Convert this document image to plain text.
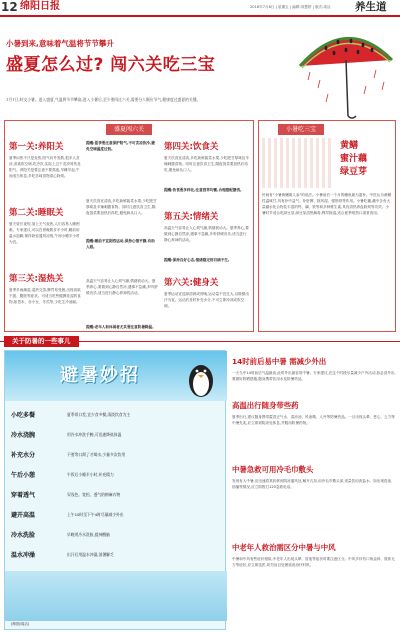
12 绵阳日报	2016年7月8日 | 星期五 | 编辑:刘慧婷 | 版式:周洁 养生道
小暑到来,意味着气温将节节攀升
盛夏怎么过? 闯六关吃三宝
7月7日,时交小暑。进入盛夏,气温将节节攀高,进入小暑后,至少要闯过六关,需要分人顺应节气,健康度过盛夏的关键。
盛夏闯六关
第一关:养阳关
夏季闷热不只是炎热,阳气向外发散,很多人贪凉,喜欢吹空调,吃冷饮,实际上过于贪凉易伤及阳气。养阳关是要注意不要熬夜,早睡早起,午间适当休息,多吃苦味食物清心除烦。
第二关:睡眠关
夏天昼长夜短,加上天气炎热,人们容易入睡困难。专家建议,可以在傍晚散步半小时,睡前用温水泡脚,保持卧室通风凉爽,午间小睡半小时为宜。
第三关:湿热关
夏季多雨潮湿,湿热交蒸,脾胃易受困,出现食欲不振、腹胀等症状。可适当吃些健脾祛湿的食物,如薏米、赤小豆、冬瓜等,少吃生冷油腻。
提醒:夏季要注意保护阳气,不可贪凉饮冷,避免空调温度过低。
夏天饮食宜清淡,多吃新鲜蔬菜水果,少吃肥甘厚味及辛辣刺激食物。同时注意饮食卫生,隔夜饭菜要加热后再吃,避免病从口入。
提醒:睡前不宜剧烈运动,保持心情平静,有助入眠。
高温天气容易让人心烦气躁,情绪波动大。夏季养心,要做到心静自然凉,遇事不急躁,多听舒缓音乐,适当进行静心养神的活动。
提醒:老年人和体弱者尤其要注意防暑降温。
第四关:饮食关
夏天饮食宜清淡,多吃新鲜蔬菜水果,少吃肥甘厚味及辛辣刺激食物。同时注意饮食卫生,隔夜饭菜要加热后再吃,避免病从口入。
提醒:饮食要多样化,注意营养均衡,合理搭配膳食。
第五关:情绪关
高温天气容易让人心烦气躁,情绪波动大。夏季养心,要做到心静自然凉,遇事不急躁,多听舒缓音乐,适当进行静心养神的活动。
提醒:保持良好心态,情绪稳定则百病不生。
第六关:健身关
夏季运动宜选择清晨或傍晚,运动量不宜过大,以微微出汗为宜。运动后及时补充水分,不可立即冲凉或吹空调。
小暑吃三宝
黄鳝
蜜汁藕
绿豆芽
民间有"小暑黄鳝赛人参"的说法。小暑前后一个月的鳝鱼最为滋补。中医认为黄鳝性温味甘,具有补中益气、补肝脾、除风湿、强筋骨等作用。小暑吃藕,藕中含有大量碳水化合物及丰富的钙、磷、铁等和多种维生素,具有清热养血除烦等功效。小暑时节适合吃绿豆芽,绿豆芽清热解毒,利尿除湿,适合夏季烦热口渴者食用。
关于防暑的一些事儿
避暑妙招
小吃多餐	夏季胃口差,宜少食多餐,清淡饮食为主
冷水浇腕	用冷水冲洗手腕,可迅速降低体温
补充水分	不要等口渴了才喝水,少量多次饮用
午后小憩	午饭后小睡半小时,补充精力
穿着透气	穿浅色、宽松、透气的棉麻衣物
避开高温	上午10时至下午4时尽量减少外出
冷水洗脸	早晚用冷水洗脸,提神醒脑
温水冲澡	出汗后用温水冲澡,消暑解乏
(制图/周洁)
14时前后易中暑 需减少外出
一天当中14时前后气温最高,此时外出最容易中暑。专家建议,在这个时段尽量减少户外活动,如必须外出,要做好防晒措施,随身携带饮用水及防暑药品。
高温出行随身带些药
夏季出行,建议随身携带藿香正气水、清凉油、风油精、人丹等防暑药品。一旦出现头晕、恶心、乏力等中暑先兆,应立即到阴凉处休息,并服用防暑药物。
中暑急救可用冷毛巾敷头
发现有人中暑,应迅速将其转移到阴凉通风处,解开衣扣,用冷毛巾敷头部,适量饮用淡盐水。如出现昏迷、抽搐等情况,应立即拨打120急救电话。
中老年人救治需区分中暑与中风
中暑和中风有些症状相似,中老年人出现头晕、昏迷等症状时要注意区分。中风多伴有口角歪斜、肢体无力等症状,应立即送医,切勿盲目处理延误治疗时机。
